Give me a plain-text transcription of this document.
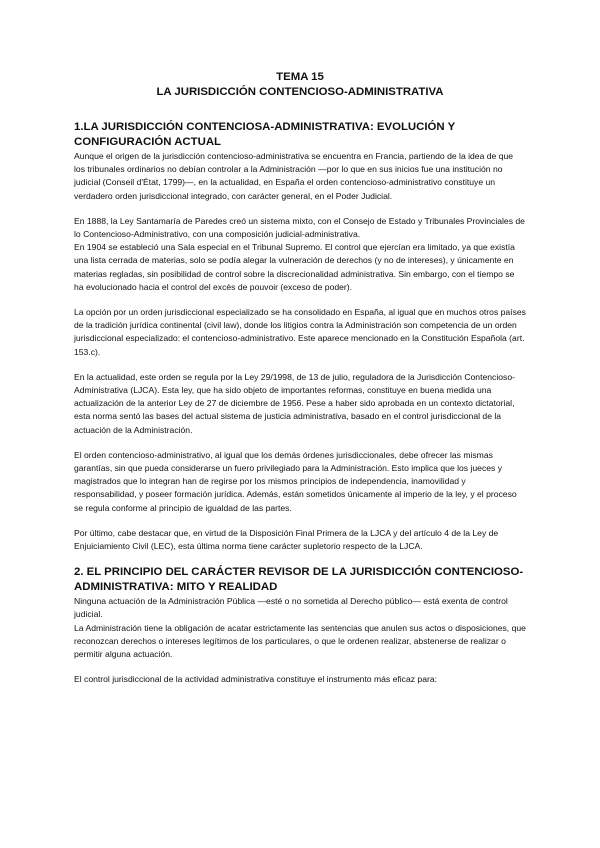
TEMA 15
LA JURISDICCIÓN CONTENCIOSO-ADMINISTRATIVA
1.LA JURISDICCIÓN CONTENCIOSA-ADMINISTRATIVA: EVOLUCIÓN Y CONFIGURACIÓN ACTUAL

Aunque el origen de la jurisdicción contencioso-administrativa se encuentra en Francia, partiendo de la idea de que los tribunales ordinarios no debían controlar a la Administración —por lo que en sus inicios fue una institución no judicial (Conseil d'État, 1799)—, en la actualidad, en España el orden contencioso-administrativo constituye un verdadero orden jurisdiccional integrado, con carácter general, en el Poder Judicial.

En 1888, la Ley Santamaría de Paredes creó un sistema mixto, con el Consejo de Estado y Tribunales Provinciales de lo Contencioso-Administrativo, con una composición judicial-administrativa.

En 1904 se estableció una Sala especial en el Tribunal Supremo. El control que ejercían era limitado, ya que existía una lista cerrada de materias, solo se podía alegar la vulneración de derechos (y no de intereses), y únicamente en materias regladas, sin posibilidad de control sobre la discrecionalidad administrativa. Sin embargo, con el tiempo se ha evolucionado hacia el control del excès de pouvoir (exceso de poder).

La opción por un orden jurisdiccional especializado se ha consolidado en España, al igual que en muchos otros países de la tradición jurídica continental (civil law), donde los litigios contra la Administración son competencia de un orden jurisdiccional especializado: el contencioso-administrativo. Este aparece mencionado en la Constitución Española (art. 153.c).

En la actualidad, este orden se regula por la Ley 29/1998, de 13 de julio, reguladora de la Jurisdicción Contencioso-Administrativa (LJCA). Esta ley, que ha sido objeto de importantes reformas, constituye en buena medida una actualización de la anterior Ley de 27 de diciembre de 1956. Pese a haber sido aprobada en un contexto dictatorial, esta norma sentó las bases del actual sistema de justicia administrativa, basado en el control jurisdiccional de la actuación de la Administración.

El orden contencioso-administrativo, al igual que los demás órdenes jurisdiccionales, debe ofrecer las mismas garantías, sin que pueda considerarse un fuero privilegiado para la Administración. Esto implica que los jueces y magistrados que lo integran han de regirse por los mismos principios de independencia, inamovilidad y responsabilidad, y poseer formación jurídica. Además, están sometidos únicamente al imperio de la ley, y el proceso se regula conforme al principio de igualdad de las partes.

Por último, cabe destacar que, en virtud de la Disposición Final Primera de la LJCA y del artículo 4 de la Ley de Enjuiciamiento Civil (LEC), esta última norma tiene carácter supletorio respecto de la LJCA.

2. EL PRINCIPIO DEL CARÁCTER REVISOR DE LA JURISDICCIÓN CONTENCIOSO-ADMINISTRATIVA: MITO Y REALIDAD

Ninguna actuación de la Administración Pública —esté o no sometida al Derecho público— está exenta de control judicial.

La Administración tiene la obligación de acatar estrictamente las sentencias que anulen sus actos o disposiciones, que reconozcan derechos o intereses legítimos de los particulares, o que le ordenen realizar, abstenerse de realizar o permitir alguna actuación.

El control jurisdiccional de la actividad administrativa constituye el instrumento más eficaz para:
